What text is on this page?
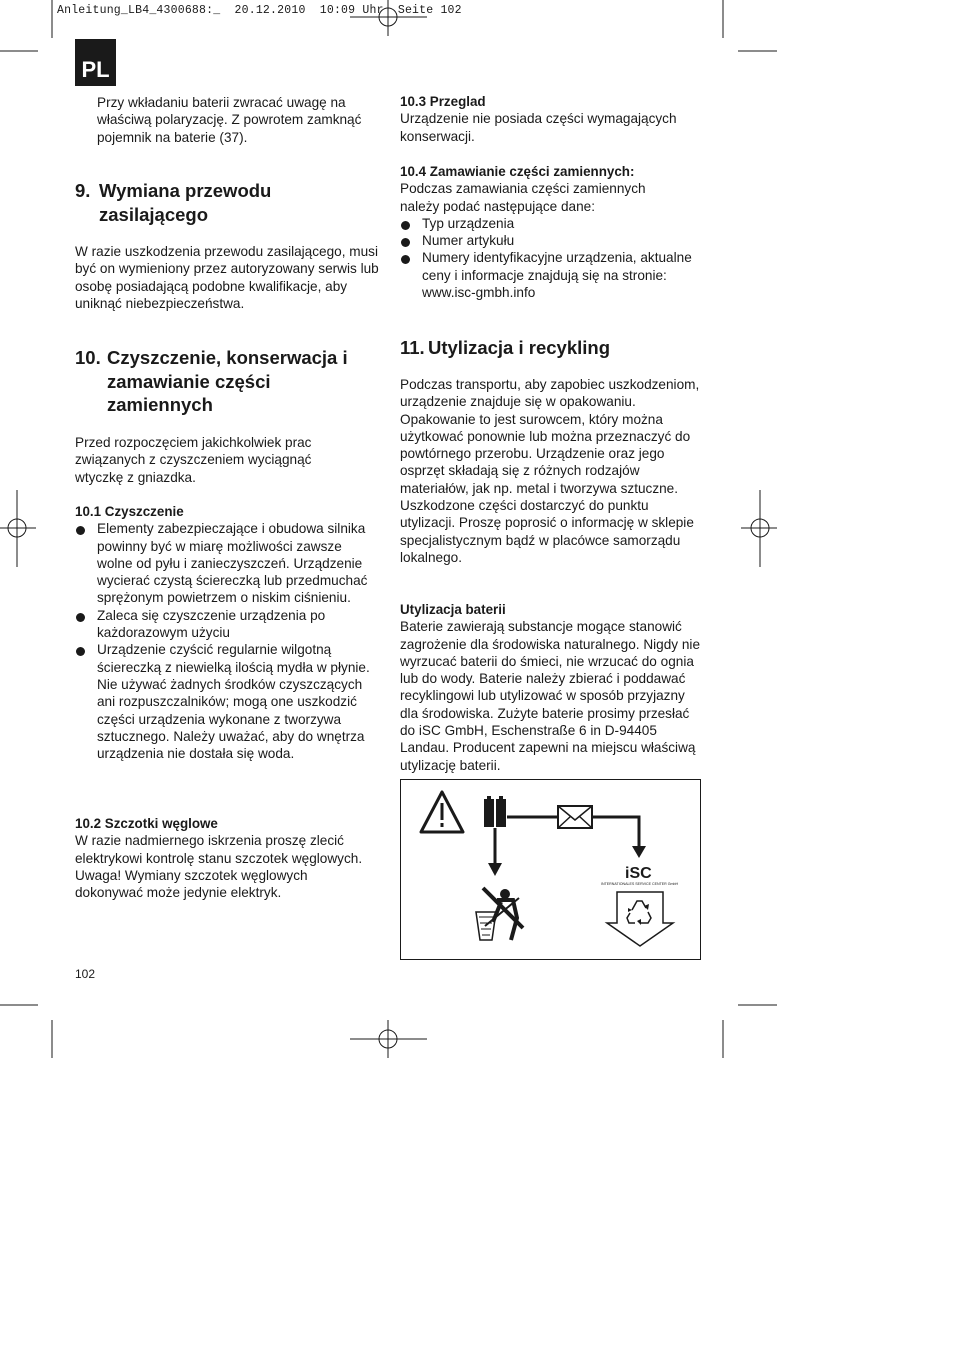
Anleitung_LB4_4300688:_  20.12.2010  10:09 Uhr  Seite 102
PL

Przy wkładaniu baterii zwracać uwagę na właściwą polaryzację. Z powrotem zamknąć pojemnik na baterie (37).

9. Wymiana przewodu zasilającego

W razie uszkodzenia przewodu zasilającego, musi być on wymieniony przez autoryzowany serwis lub osobę posiadającą podobne kwalifikacje, aby uniknąć niebezpieczeństwa.

10. Czyszczenie, konserwacja i zamawianie części zamiennych

Przed rozpoczęciem jakichkolwiek prac związanych z czyszczeniem wyciągnąć wtyczkę z gniazdka.

10.1 Czyszczenie
Elementy zabezpieczające i obudowa silnika powinny być w miarę możliwości zawsze wolne od pyłu i zanieczyszczeń. Urządzenie wycierać czystą ściereczką lub przedmuchać sprężonym powietrzem o niskim ciśnieniu.
Zaleca się czyszczenie urządzenia po każdorazowym użyciu
Urządzenie czyścić regularnie wilgotną ściereczką z niewielką ilością mydła w płynie. Nie używać żadnych środków czyszczących ani rozpuszczalników; mogą one uszkodzić części urządzenia wykonane z tworzywa sztucznego. Należy uważać, aby do wnętrza urządzenia nie dostała się woda.
10.2 Szczotki węglowe

W razie nadmiernego iskrzenia proszę zlecić elektrykowi kontrolę stanu szczotek węglowych. Uwaga! Wymiany szczotek węglowych dokonywać może jedynie elektryk.

10.3 Przeglad

Urządzenie nie posiada części wymagających konserwacji.

10.4 Zamawianie części zamiennych:

Podczas zamawiania części zamiennych należy podać następujące dane:

Typ urządzenia
Numer artykułu
Numery identyfikacyjne urządzenia, aktualne ceny i informacje znajdują się na stronie: www.isc-gmbh.info
11. Utylizacja i recykling

Podczas transportu, aby zapobiec uszkodzeniom, urządzenie znajduje się w opakowaniu. Opakowanie to jest surowcem, który można użytkować ponownie lub można przeznaczyć do powtórnego przerobu. Urządzenie oraz jego osprzęt składają się z różnych rodzajów materiałów, jak np. metal i tworzywa sztuczne. Uszkodzone części dostarczyć do punktu utylizacji. Proszę poprosić o informację w sklepie specjalistycznym bądź w placówce samorządu lokalnego.

Utylizacja baterii

Baterie zawierają substancje mogące stanowić zagrożenie dla środowiska naturalnego. Nigdy nie wyrzucać baterii do śmieci, nie wrzucać do ognia lub do wody. Baterie należy zbierać i poddawać recyklingowi lub utylizować w sposób przyjazny dla środowiska. Zużyte baterie prosimy przesłać do iSC GmbH, Eschenstraße 6 in D-94405 Landau. Producent zapewni na miejscu właściwą utylizację baterii.

iSC
INTERNATIONALES SERVICE CENTER GmbH
102
